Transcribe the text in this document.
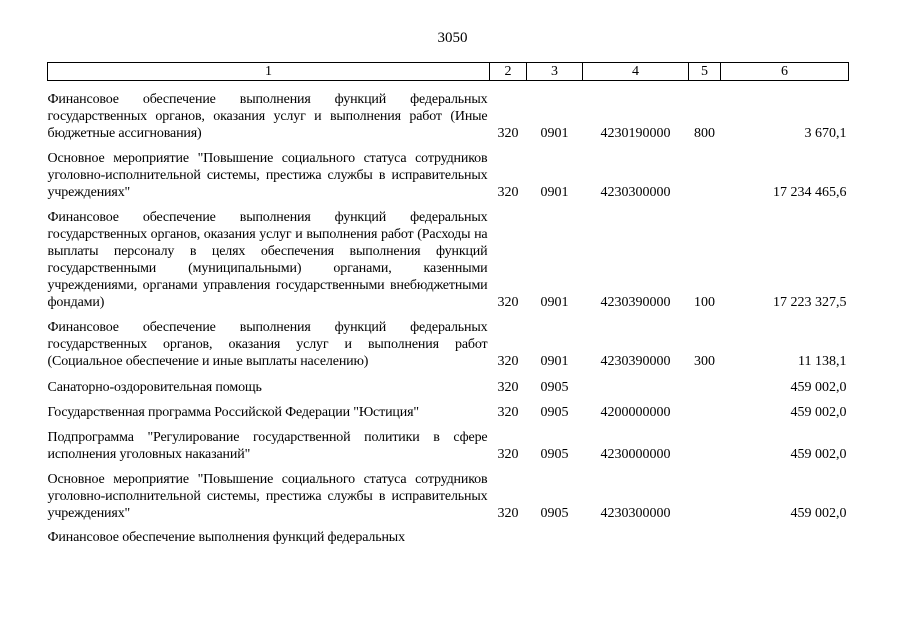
3050
1	2	3	4	5	6

Финансовое обеспечение выполнения функций федеральных государственных органов, оказания услуг и выполнения работ (Иные бюджетные ассигнования)	320	0901	4230190000	800	3 670,1

Основное мероприятие "Повышение социального статуса сотрудников уголовно-исполнительной системы, престижа службы в исправительных учреждениях"	320	0901	4230300000		17 234 465,6

Финансовое обеспечение выполнения функций федеральных государственных органов, оказания услуг и выполнения работ (Расходы на выплаты персоналу в целях обеспечения выполнения функций государственными (муниципальными) органами, казенными учреждениями, органами управления государственными внебюджетными фондами)	320	0901	4230390000	100	17 223 327,5

Финансовое обеспечение выполнения функций федеральных государственных органов, оказания услуг и выполнения работ (Социальное обеспечение и иные выплаты населению)	320	0901	4230390000	300	11 138,1

Санаторно-оздоровительная помощь	320	0905			459 002,0

Государственная программа Российской Федерации "Юстиция"	320	0905	4200000000		459 002,0

Подпрограмма "Регулирование государственной политики в сфере исполнения уголовных наказаний"	320	0905	4230000000		459 002,0

Основное мероприятие "Повышение социального статуса сотрудников уголовно-исполнительной системы, престижа службы в исправительных учреждениях"	320	0905	4230300000		459 002,0

Финансовое обеспечение выполнения функций федеральных					
